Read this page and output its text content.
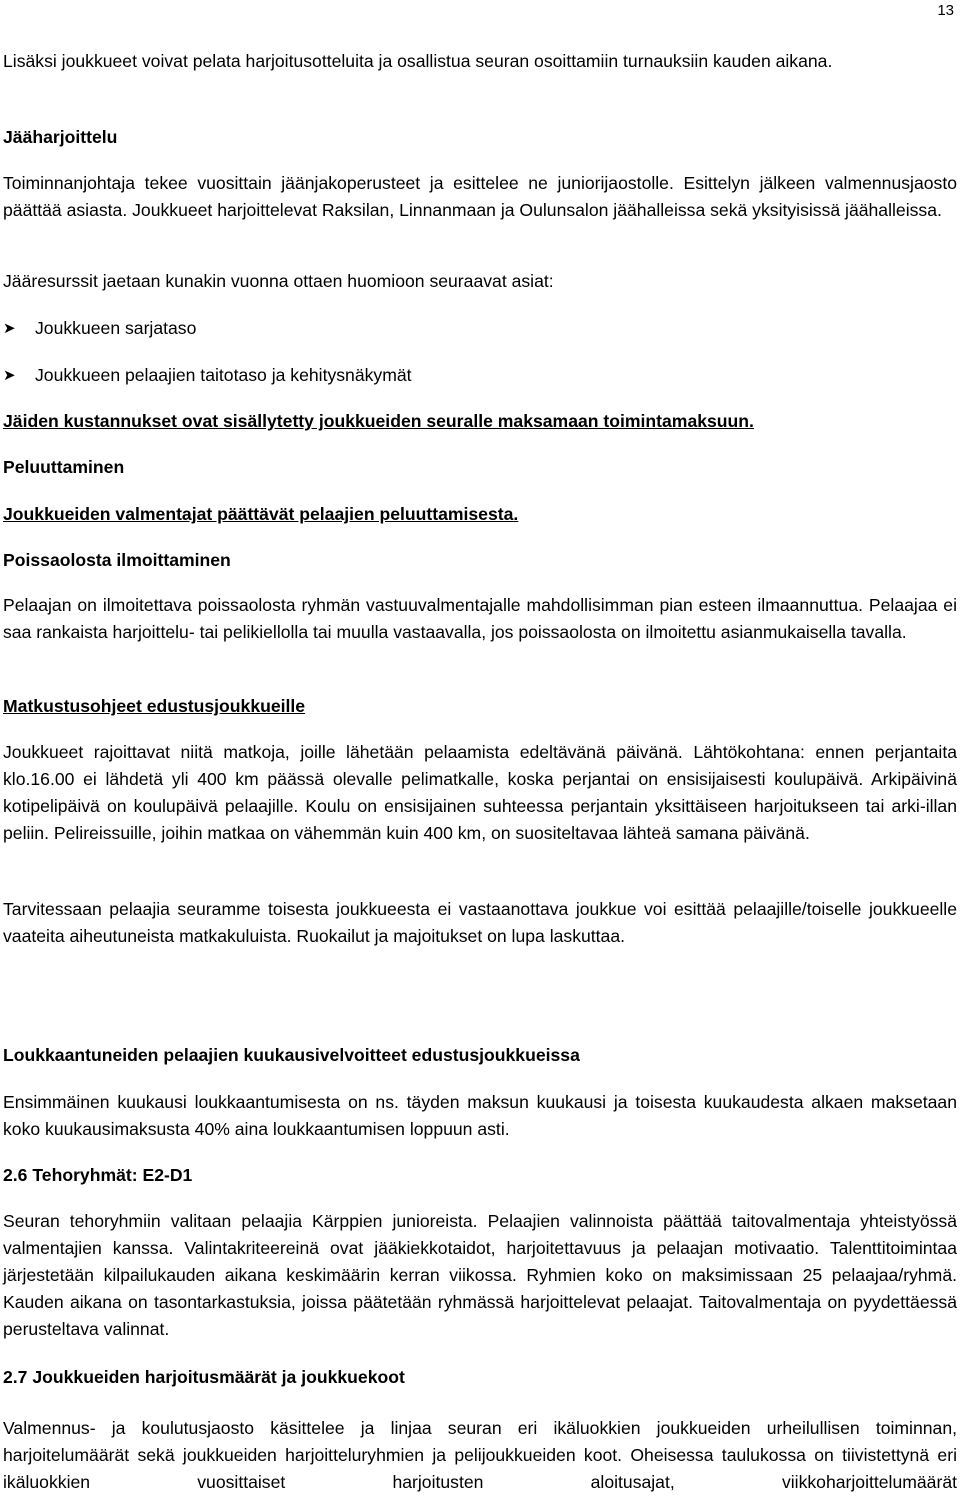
13
Lisäksi joukkueet voivat pelata harjoitusotteluita ja osallistua seuran osoittamiin turnauksiin kauden aikana.
Jääharjoittelu
Toiminnanjohtaja tekee vuosittain jäänjakoperusteet ja esittelee ne juniorijaostolle. Esittelyn jälkeen valmennusjaosto päättää asiasta. Joukkueet harjoittelevat Raksilan, Linnanmaan ja Oulunsalon jäähalleissa sekä yksityisissä jäähalleissa.
Jääresurssit jaetaan kunakin vuonna ottaen huomioon seuraavat asiat:
➤	Joukkueen sarjataso
➤	Joukkueen pelaajien taitotaso ja kehitysnäkymät
Jäiden kustannukset ovat sisällytetty joukkueiden seuralle maksamaan toimintamaksuun.
Peluuttaminen
Joukkueiden valmentajat päättävät pelaajien peluuttamisesta.
Poissaolosta ilmoittaminen
Pelaajan on ilmoitettava poissaolosta ryhmän vastuuvalmentajalle mahdollisimman pian esteen ilmaannuttua. Pelaajaa ei saa rankaista harjoittelu- tai pelikiellolla tai muulla vastaavalla, jos poissaolosta on ilmoitettu asianmukaisella tavalla.
Matkustusohjeet edustusjoukkueille
Joukkueet rajoittavat niitä matkoja, joille lähetään pelaamista edeltävänä päivänä. Lähtökohtana: ennen perjantaita klo.16.00 ei lähdetä yli 400 km päässä olevalle pelimatkalle, koska perjantai on ensisijaisesti koulupäivä. Arkipäivinä kotipelipäivä on koulupäivä pelaajille. Koulu on ensisijainen suhteessa perjantain yksittäiseen harjoitukseen tai arki-illan peliin. Pelireissuille, joihin matkaa on vähemmän kuin 400 km, on suositeltavaa lähteä samana päivänä.
Tarvitessaan pelaajia seuramme toisesta joukkueesta ei vastaanottava joukkue voi esittää pelaajille/toiselle joukkueelle vaateita aiheutuneista matkakuluista. Ruokailut ja majoitukset on lupa laskuttaa.
Loukkaantuneiden pelaajien kuukausivelvoitteet edustusjoukkueissa
Ensimmäinen kuukausi loukkaantumisesta on ns. täyden maksun kuukausi ja toisesta kuukaudesta alkaen maksetaan koko kuukausimaksusta 40% aina loukkaantumisen loppuun asti.
2.6 Tehoryhmät: E2-D1
Seuran tehoryhmiin valitaan pelaajia Kärppien junioreista. Pelaajien valinnoista päättää taitovalmentaja yhteistyössä valmentajien kanssa. Valintakriteereinä ovat jääkiekkotaidot, harjoitettavuus ja pelaajan motivaatio. Talenttitoimintaa järjestetään kilpailukauden aikana keskimäärin kerran viikossa. Ryhmien koko on maksimissaan 25 pelaajaa/ryhmä. Kauden aikana on tasontarkastuksia, joissa päätetään ryhmässä harjoittelevat pelaajat. Taitovalmentaja on pyydettäessä perusteltava valinnat.
2.7 Joukkueiden harjoitusmäärät ja joukkuekoot
Valmennus- ja koulutusjaosto käsittelee ja linjaa seuran eri ikäluokkien joukkueiden urheilullisen toiminnan, harjoitelumäärät sekä joukkueiden harjoitteluryhmien ja pelijoukkueiden koot. Oheisessa taulukossa on tiivistettynä eri ikäluokkien vuosittaiset harjoitusten aloitusajat, viikkoharjoittelumäärät
